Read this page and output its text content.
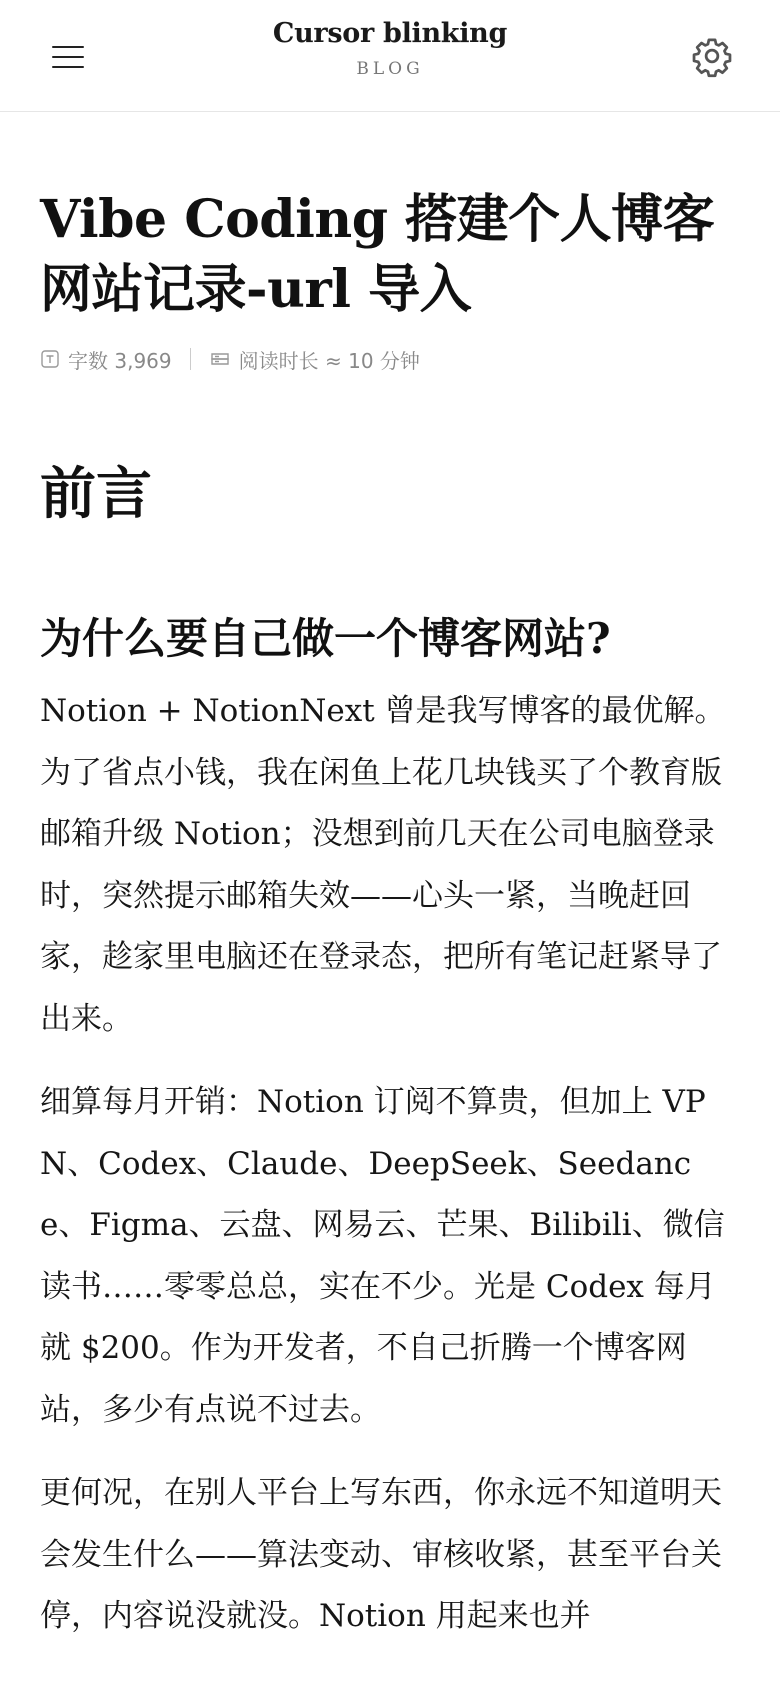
Cursor blinking
BLOG
Vibe Coding 搭建个人博客网站记录-url 导入
字数 3,969	阅读时长 ≈ 10 分钟
前言
为什么要自己做一个博客网站?

Notion + NotionNext 曾是我写博客的最优解。为了省点小钱，我在闲鱼上花几块钱买了个教育版邮箱升级 Notion；没想到前几天在公司电脑登录时，突然提示邮箱失效——心头一紧，当晚赶回家，趁家里电脑还在登录态，把所有笔记赶紧导了出来。

细算每月开销：Notion 订阅不算贵，但加上 VPN、Codex、Claude、DeepSeek、Seedance、Figma、云盘、网易云、芒果、Bilibili、微信读书……零零总总，实在不少。光是 Codex 每月就 $200。作为开发者，不自己折腾一个博客网站，多少有点说不过去。

更何况，在别人平台上写东西，你永远不知道明天会发生什么——算法变动、审核收紧，甚至平台关停，内容说没就没。Notion 用起来也并
